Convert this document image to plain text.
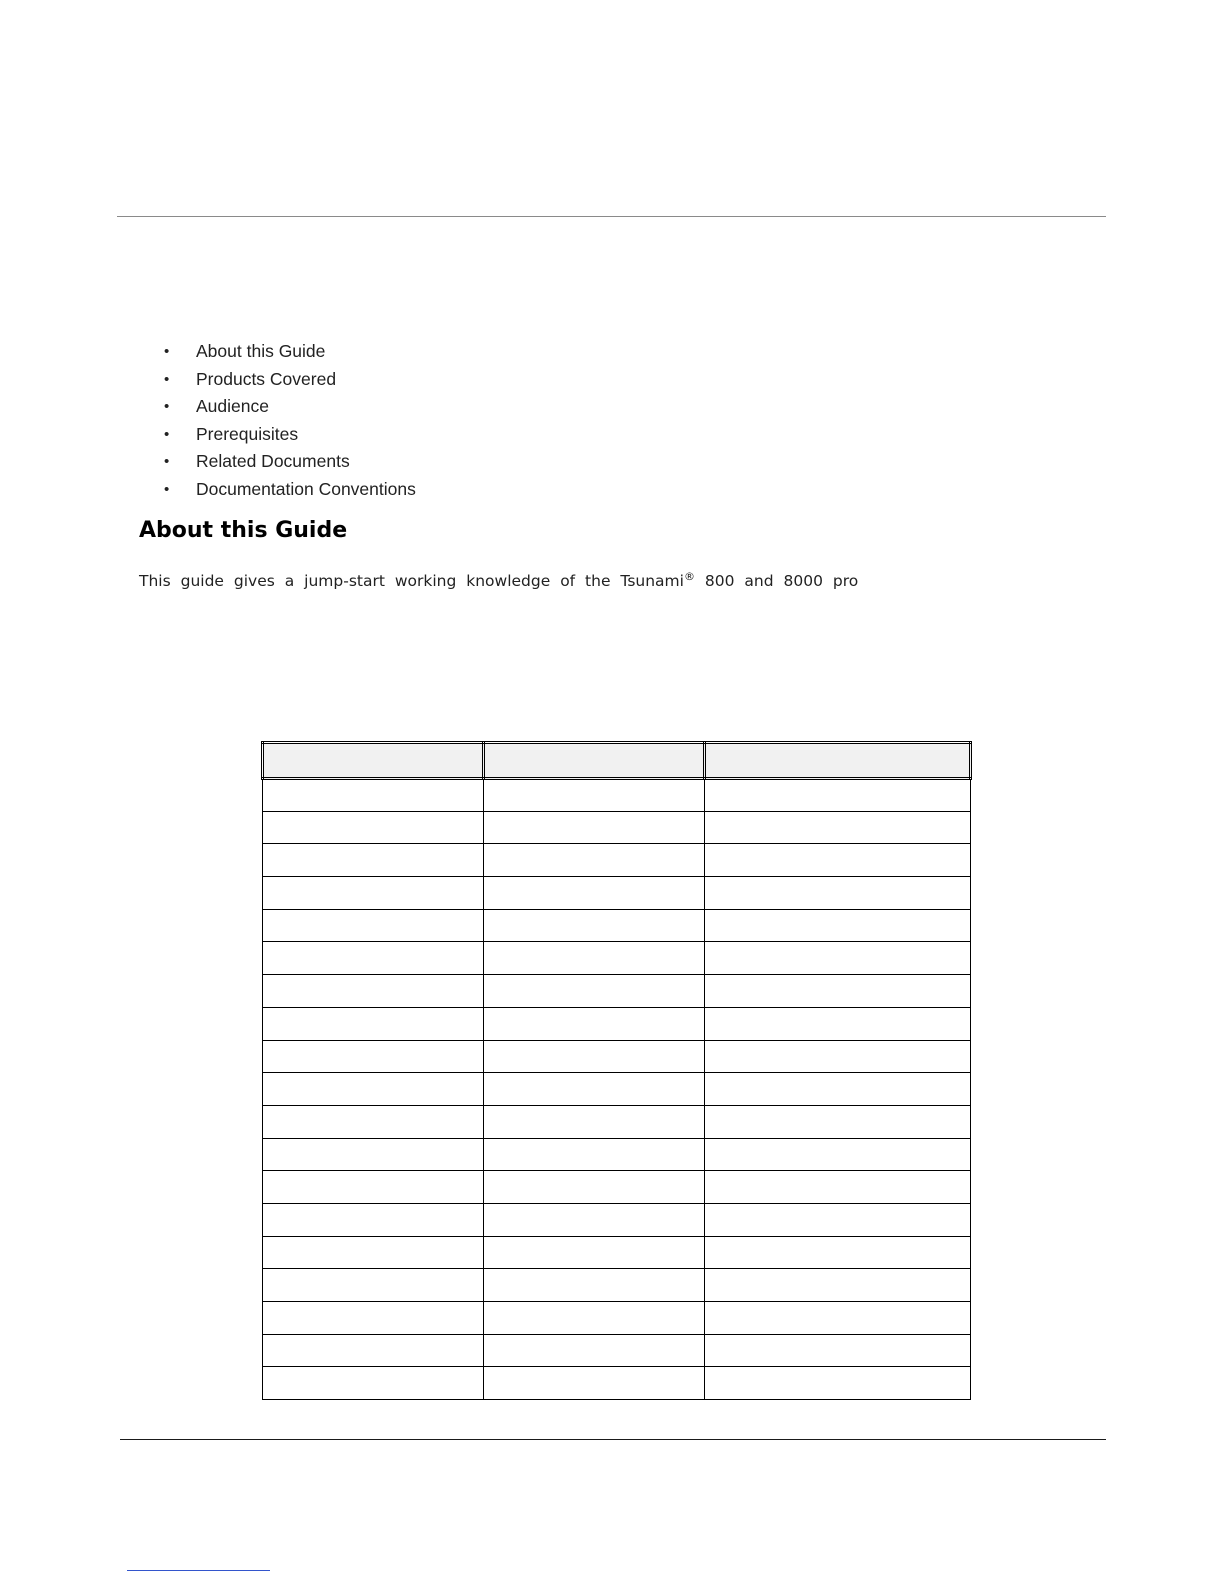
• About this Guide
• Products Covered
• Audience
• Prerequisites
• Related Documents
• Documentation Conventions
About this Guide

This guide gives a jump-start working knowledge of the Tsunami® 800 and 8000 pro
